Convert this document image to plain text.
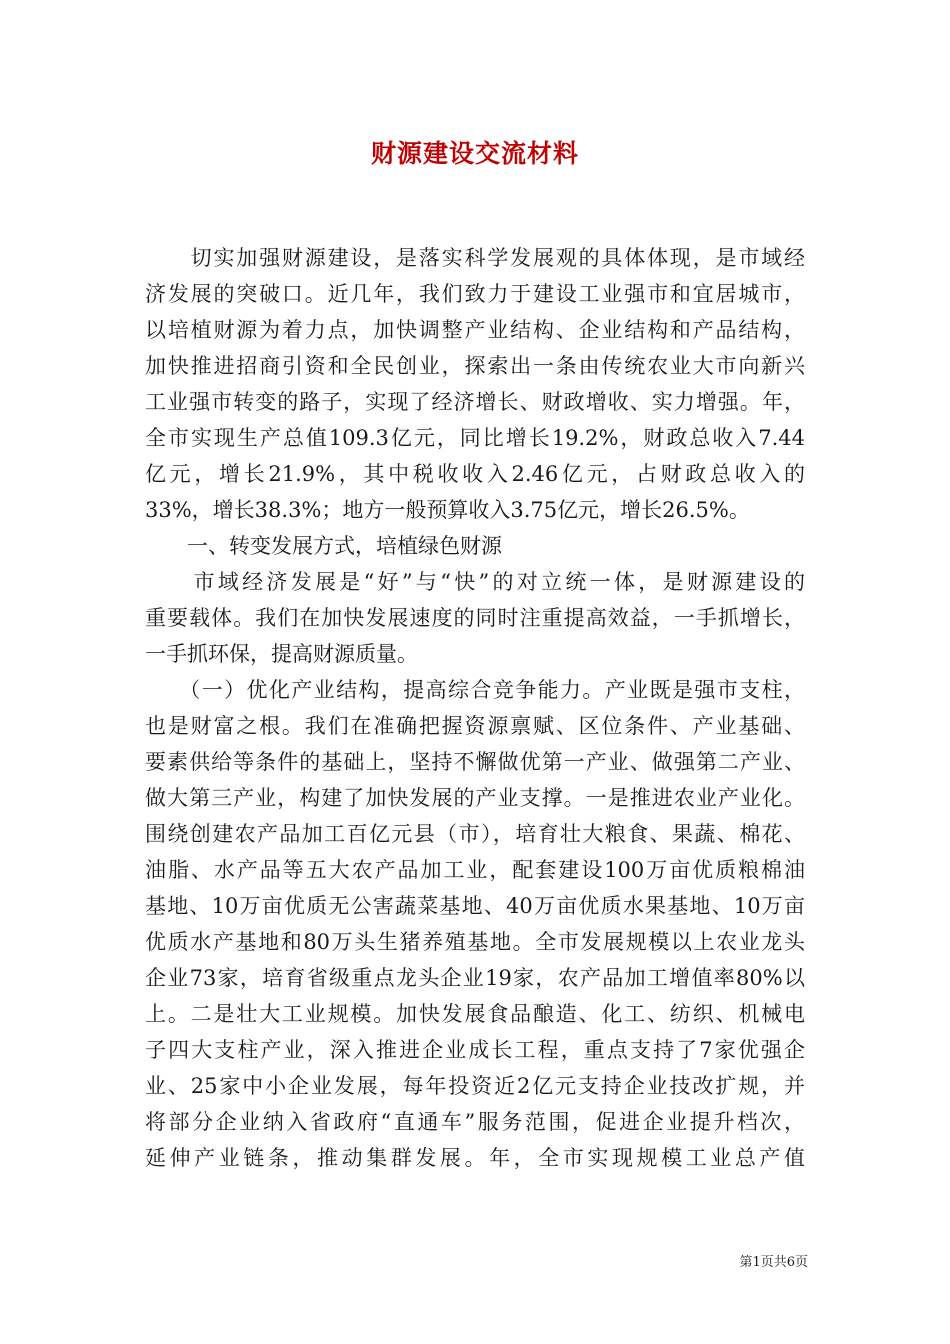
财源建设交流材料
　　切实加强财源建设，是落实科学发展观的具体体现，是市域经
济发展的突破口。近几年，我们致力于建设工业强市和宜居城市，
以培植财源为着力点，加快调整产业结构、企业结构和产品结构，
加快推进招商引资和全民创业，探索出一条由传统农业大市向新兴
工业强市转变的路子，实现了经济增长、财政增收、实力增强。年，
全市实现生产总值109.3亿元，同比增长19.2%，财政总收入7.44
亿元，增长21.9%，其中税收收入2.46亿元，占财政总收入的
33%，增长38.3%；地方一般预算收入3.75亿元，增长26.5%。
　　一、转变发展方式，培植绿色财源
　　市域经济发展是“好”与“快”的对立统一体，是财源建设的
重要载体。我们在加快发展速度的同时注重提高效益，一手抓增长，
一手抓环保，提高财源质量。
　　（一）优化产业结构，提高综合竞争能力。产业既是强市支柱，
也是财富之根。我们在准确把握资源禀赋、区位条件、产业基础、
要素供给等条件的基础上，坚持不懈做优第一产业、做强第二产业、
做大第三产业，构建了加快发展的产业支撑。一是推进农业产业化。
围绕创建农产品加工百亿元县（市），培育壮大粮食、果蔬、棉花、
油脂、水产品等五大农产品加工业，配套建设100万亩优质粮棉油
基地、10万亩优质无公害蔬菜基地、40万亩优质水果基地、10万亩
优质水产基地和80万头生猪养殖基地。全市发展规模以上农业龙头
企业73家，培育省级重点龙头企业19家，农产品加工增值率80%以
上。二是壮大工业规模。加快发展食品酿造、化工、纺织、机械电
子四大支柱产业，深入推进企业成长工程，重点支持了7家优强企
业、25家中小企业发展，每年投资近2亿元支持企业技改扩规，并
将部分企业纳入省政府“直通车”服务范围，促进企业提升档次，
延伸产业链条，推动集群发展。年，全市实现规模工业总产值
第1页共6页
